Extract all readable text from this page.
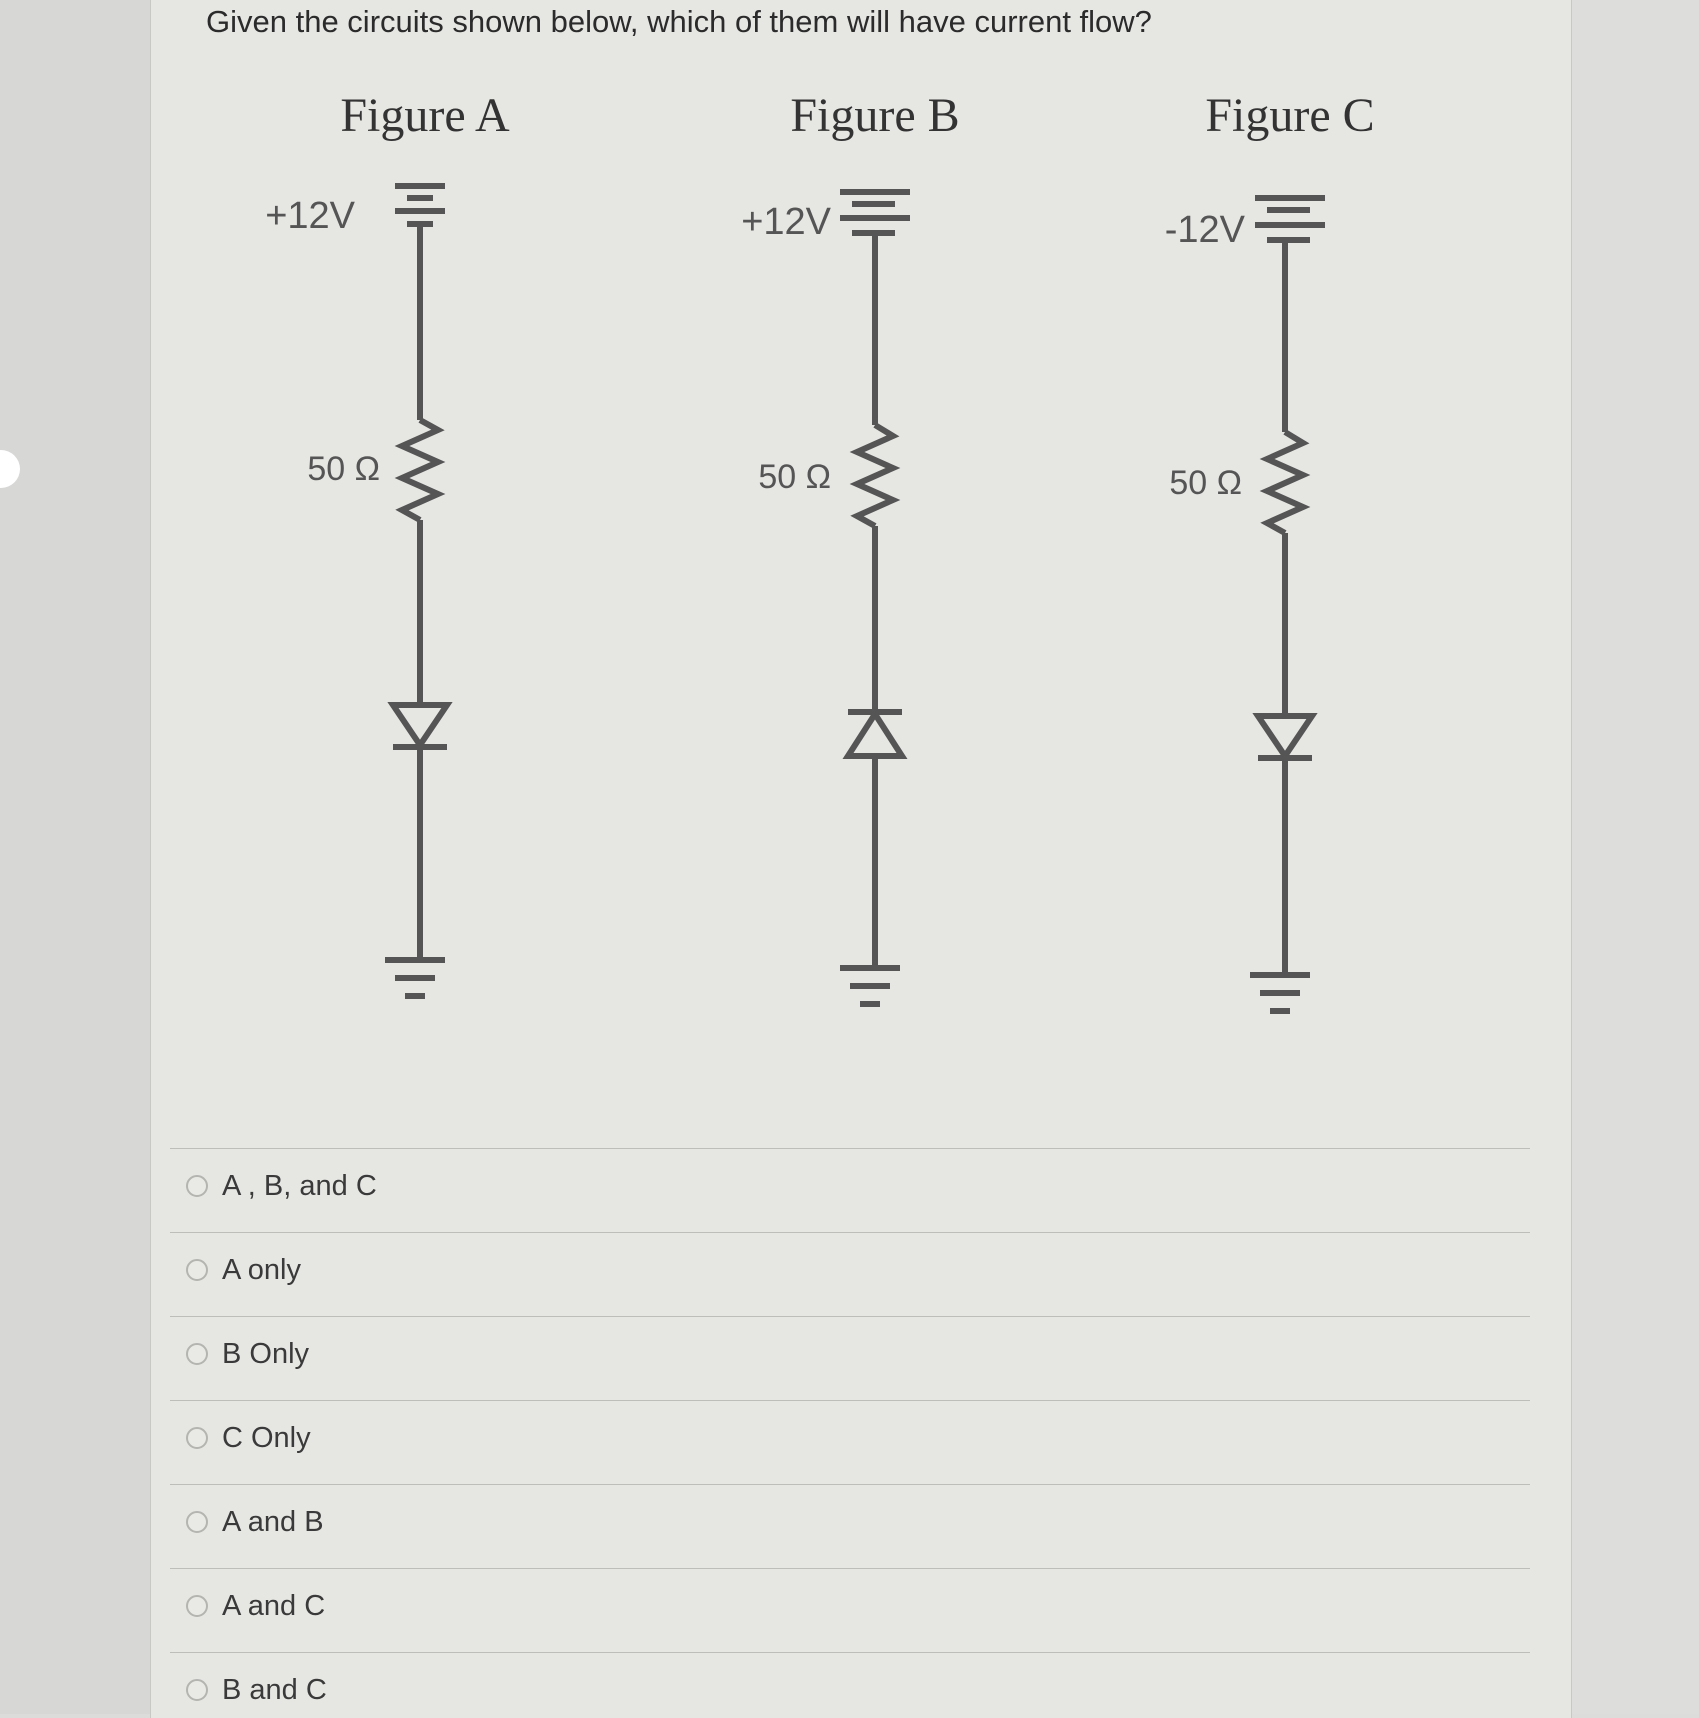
Given the circuits shown below, which of them will have current flow?
Figure A
+12V
50 Ω
Figure B
+12V
50 Ω
Figure C
-12V
50 Ω
A , B, and C
A only
B Only
C Only
A and B
A and C
B and C
